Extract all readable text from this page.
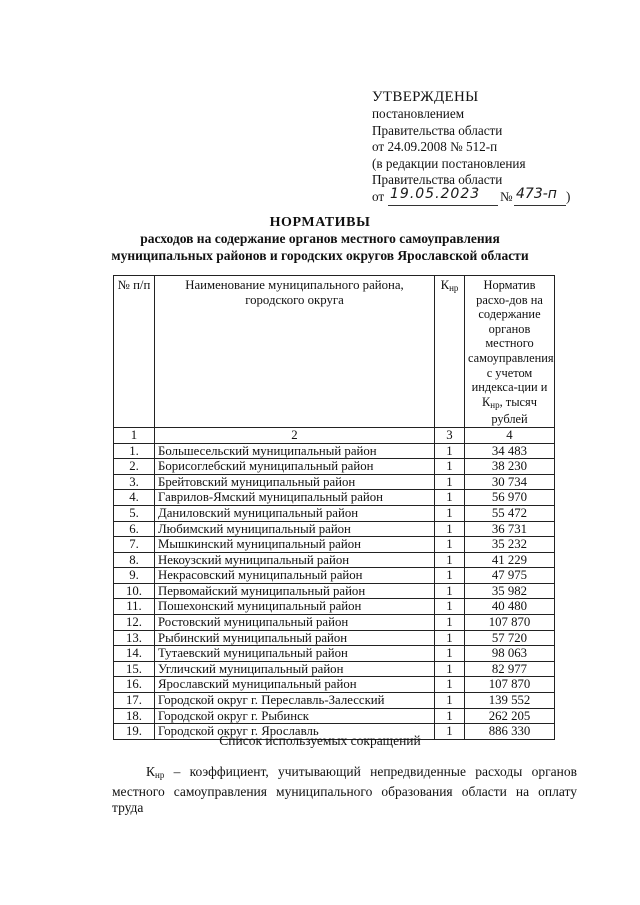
УТВЕРЖДЕНЫ
постановлением
Правительства области
от 24.09.2008 № 512-п
(в редакции постановления
Правительства области
от 19.05.2023 № 473-п )
НОРМАТИВЫ
расходов на содержание органов местного самоуправления
муниципальных районов и городских округов Ярославской области
№ п/п	Наименование муниципального района, городского округа	$К_{нр}$	Норматив расхо-дов на содержание органов местного самоуправления с учетом индекса-ции и $К_{нр}$, тысяч рублей
1	2	3	4
1.	Большесельский муниципальный район	1	34 483
2.	Борисоглебский муниципальный район	1	38 230
3.	Брейтовский муниципальный район	1	30 734
4.	Гаврилов-Ямский муниципальный район	1	56 970
5.	Даниловский муниципальный район	1	55 472
6.	Любимский муниципальный район	1	36 731
7.	Мышкинский муниципальный район	1	35 232
8.	Некоузский муниципальный район	1	41 229
9.	Некрасовский муниципальный район	1	47 975
10.	Первомайский муниципальный район	1	35 982
11.	Пошехонский муниципальный район	1	40 480
12.	Ростовский муниципальный район	1	107 870
13.	Рыбинский муниципальный район	1	57 720
14.	Тутаевский муниципальный район	1	98 063
15.	Угличский муниципальный район	1	82 977
16.	Ярославский муниципальный район	1	107 870
17.	Городской округ г. Переславль-Залесский	1	139 552
18.	Городской округ г. Рыбинск	1	262 205
19.	Городской округ г. Ярославль	1	886 330
Список используемых сокращений
$К_{нр}$ – коэффициент, учитывающий непредвиденные расходы органов местного самоуправления муниципального образования области на оплату труда
